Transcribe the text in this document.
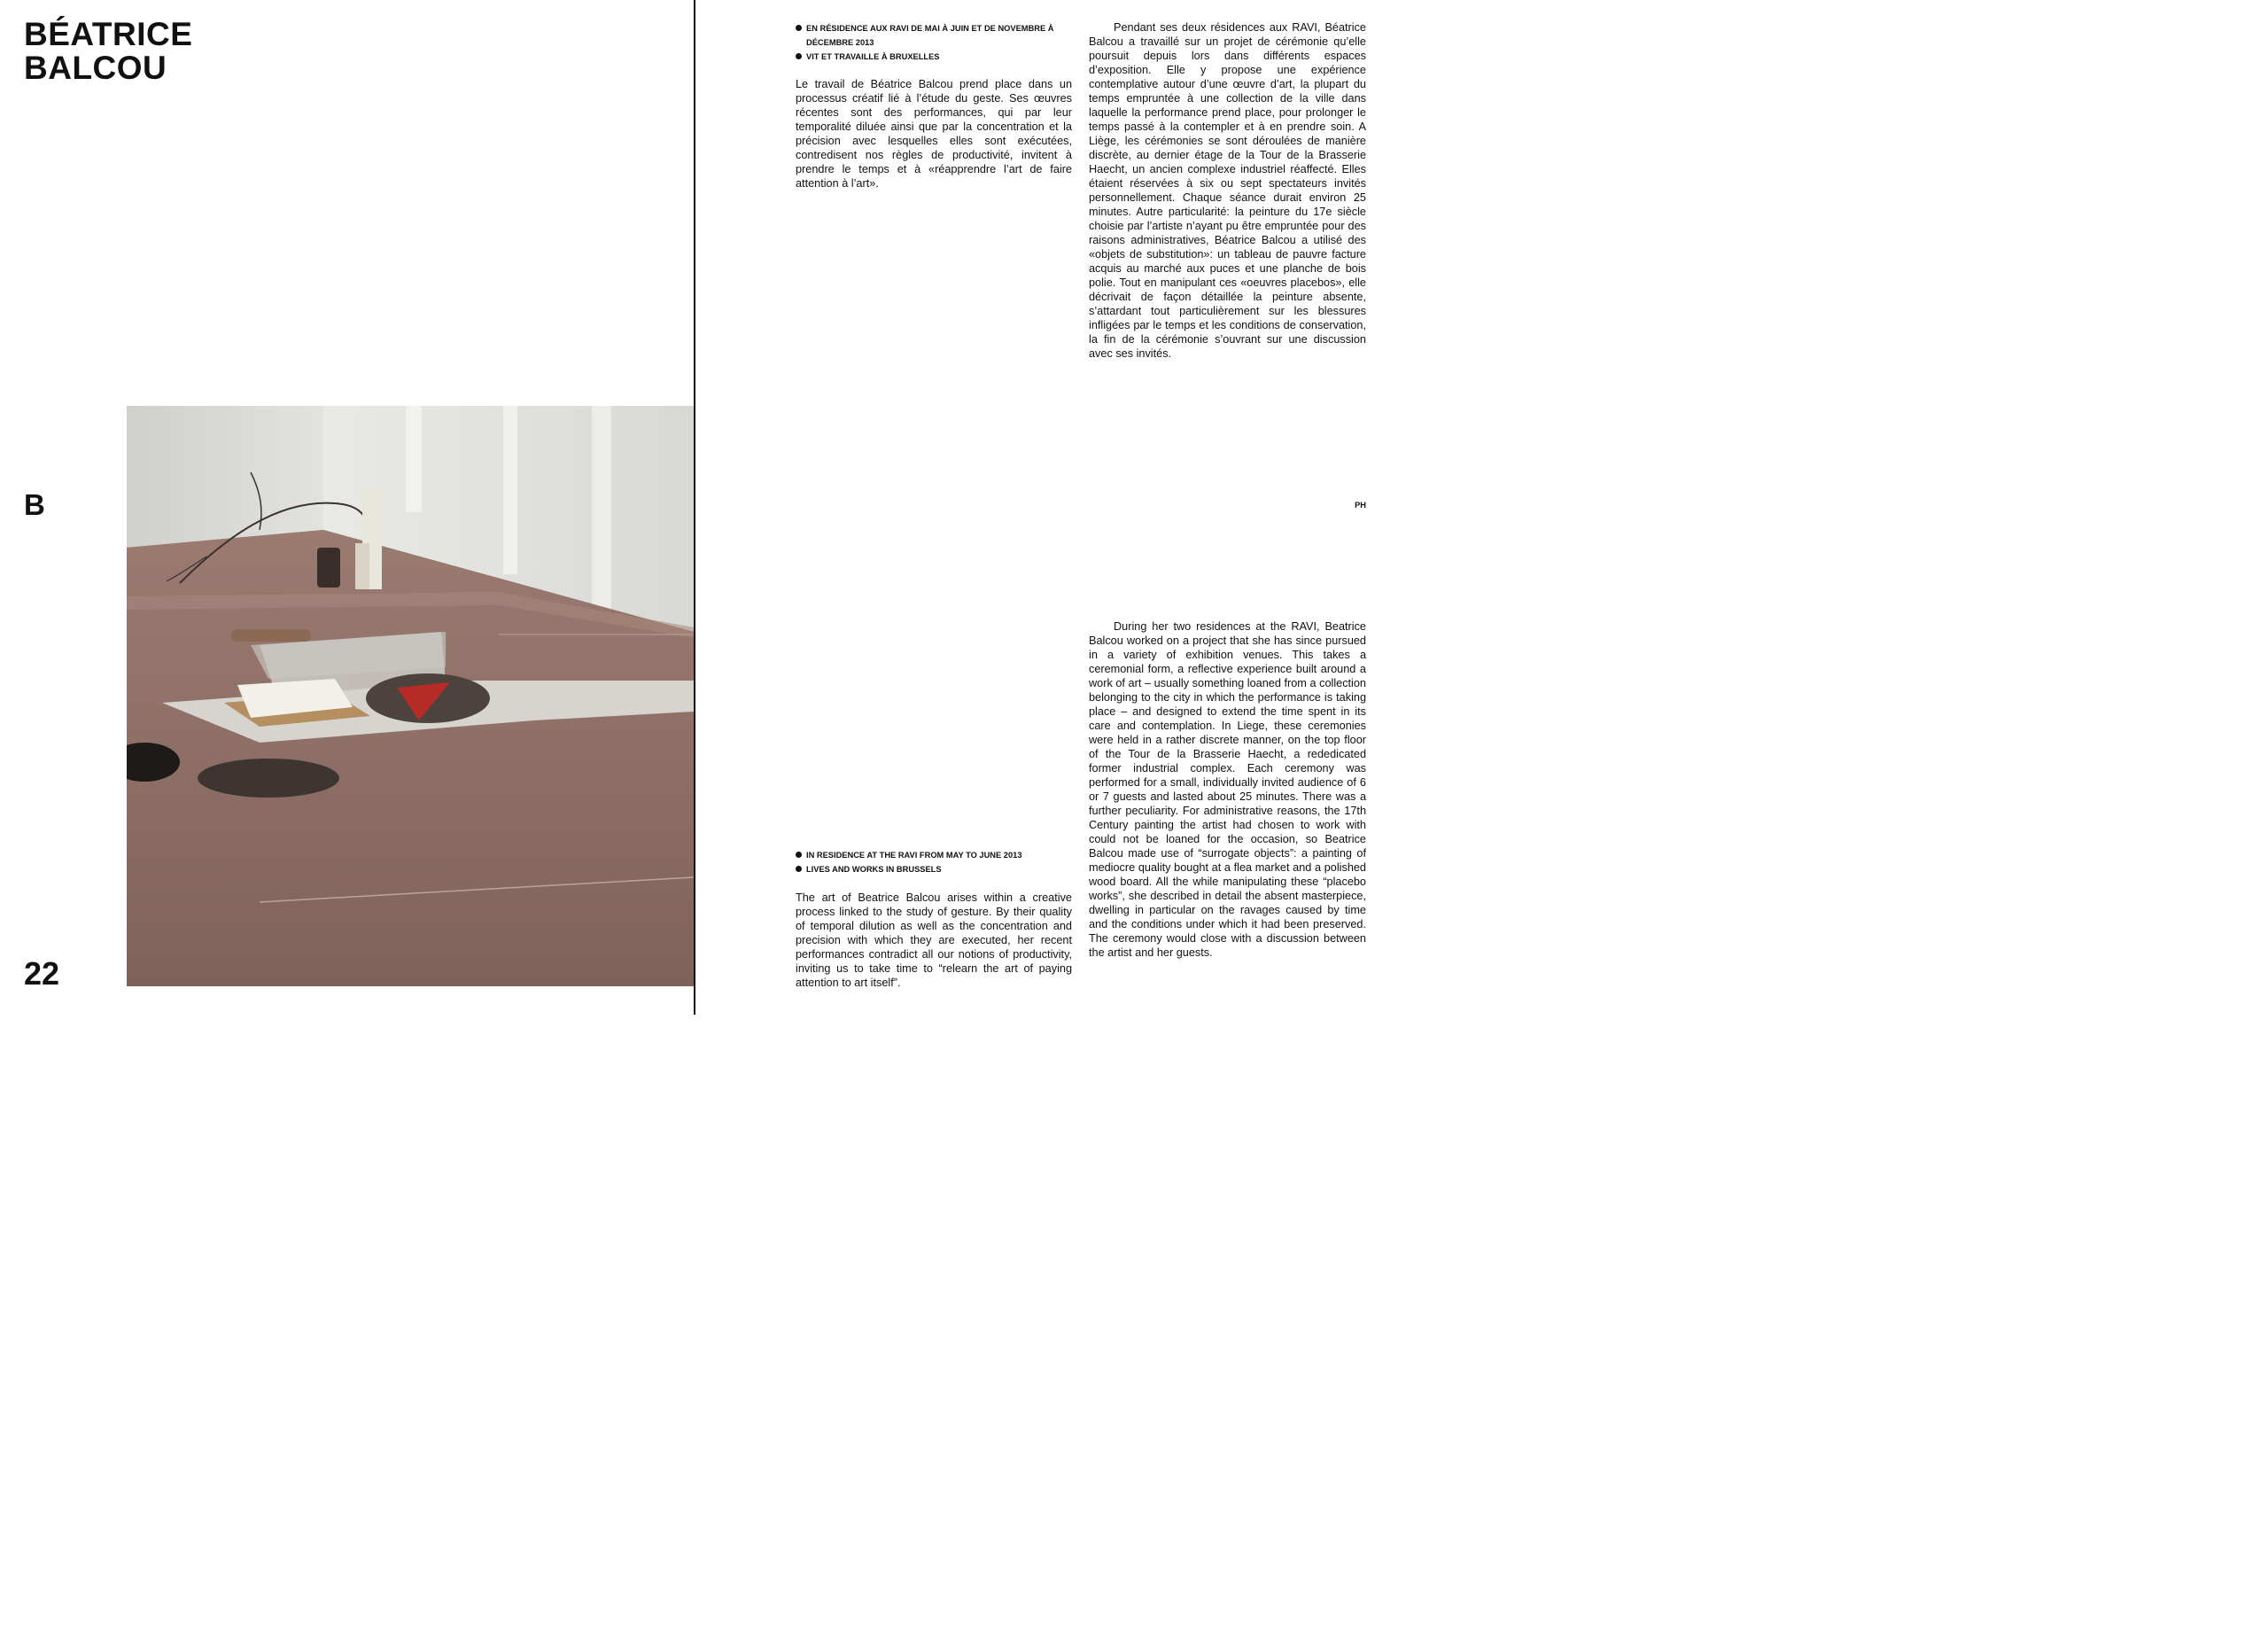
BÉATRICE
BALCOU
B
22
EN RÉSIDENCE AUX RAVI DE MAI À JUIN ET DE NOVEMBRE À DÉCEMBRE 2013
VIT ET TRAVAILLE À BRUXELLES

Le travail de Béatrice Balcou prend place dans un processus créatif lié à l’étude du geste. Ses œuvres récentes sont des performances, qui par leur temporalité diluée ainsi que par la concentration et la précision avec lesquelles elles sont exécutées, contredisent nos règles de productivité, invitent à prendre le temps et à «réapprendre l’art de faire attention à l’art».

Pendant ses deux résidences aux RAVI, Béatrice Balcou a travaillé sur un projet de cérémonie qu’elle poursuit depuis lors dans différents espaces d’exposition. Elle y propose une expérience contemplative autour d’une œuvre d’art, la plupart du temps empruntée à une collection de la ville dans laquelle la performance prend place, pour prolonger le temps passé à la contempler et à en prendre soin. A Liège, les cérémonies se sont déroulées de manière discrète, au dernier étage de la Tour de la Brasserie Haecht, un ancien complexe industriel réaffecté. Elles étaient réservées à six ou sept spectateurs invités personnellement. Chaque séance durait environ 25 minutes. Autre particularité: la peinture du 17e siècle choisie par l’artiste n’ayant pu être empruntée pour des raisons administratives, Béatrice Balcou a utilisé des «objets de substitution»: un tableau de pauvre facture acquis au marché aux puces et une planche de bois polie. Tout en manipulant ces «oeuvres placebos», elle décrivait de façon détaillée la peinture absente, s’attardant tout particulièrement sur les blessures infligées par le temps et les conditions de conservation, la fin de la cérémonie s’ouvrant sur une discussion avec ses invités.

PH

During her two residences at the RAVI, Beatrice Balcou worked on a project that she has since pursued in a variety of exhibition venues. This takes a ceremonial form, a reflective experience built around a work of art – usually something loaned from a collection belonging to the city in which the performance is taking place – and designed to extend the time spent in its care and contemplation. In Liege, these ceremonies were held in a rather discrete manner, on the top floor of the Tour de la Brasserie Haecht, a rededicated former industrial complex. Each ceremony was performed for a small, individually invited audience of 6 or 7 guests and lasted about 25 minutes. There was a further peculiarity. For administrative reasons, the 17th Century painting the artist had chosen to work with could not be loaned for the occasion, so Beatrice Balcou made use of “surrogate objects”: a painting of mediocre quality bought at a flea market and a polished wood board. All the while manipulating these “placebo works”, she described in detail the absent masterpiece, dwelling in particular on the ravages caused by time and the conditions under which it had been preserved. The ceremony would close with a discussion between the artist and her guests.

IN RESIDENCE AT THE RAVI FROM MAY TO JUNE 2013
LIVES AND WORKS IN BRUSSELS

The art of Beatrice Balcou arises within a creative process linked to the study of gesture. By their quality of temporal dilution as well as the concentration and precision with which they are executed, her recent performances contradict all our notions of productivity, inviting us to take time to “relearn the art of paying attention to art itself”.
